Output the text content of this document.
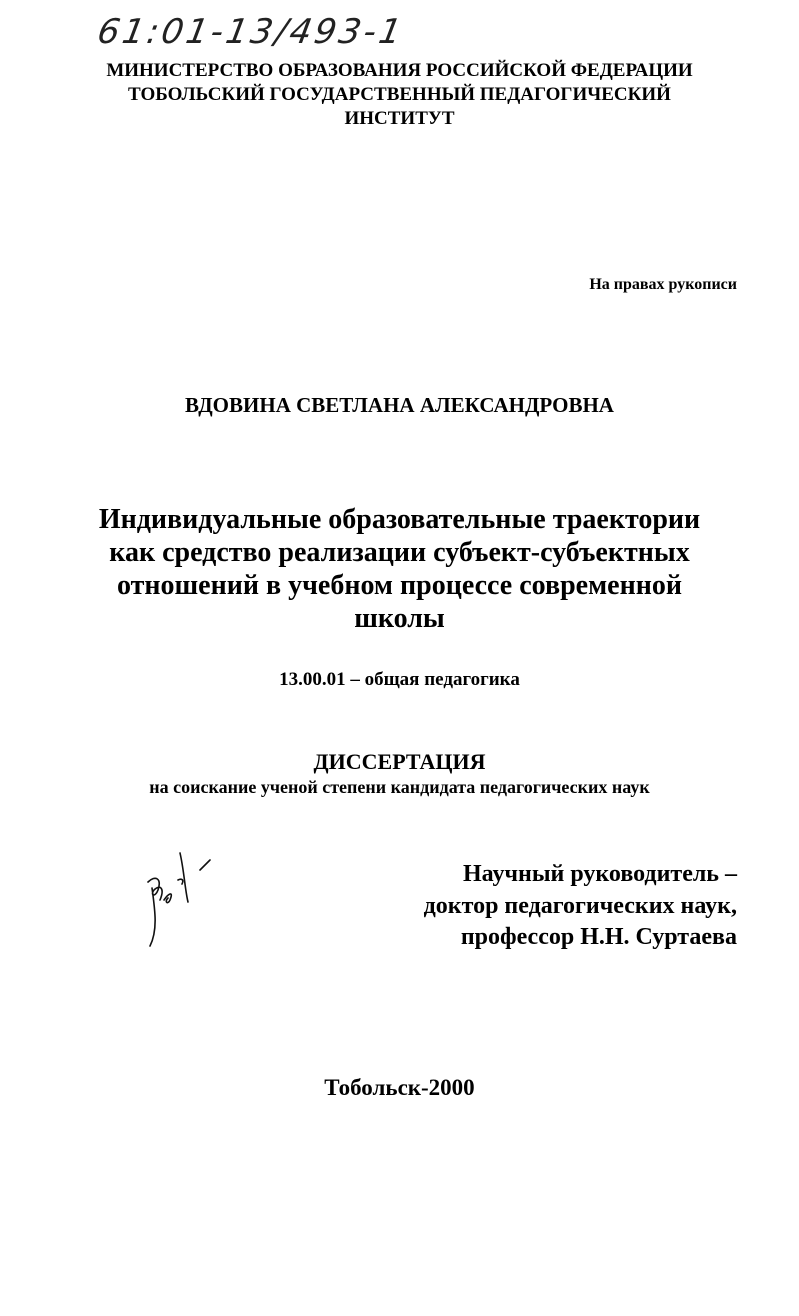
61:01-13/493-1
МИНИСТЕРСТВО ОБРАЗОВАНИЯ РОССИЙСКОЙ ФЕДЕРАЦИИ
ТОБОЛЬСКИЙ ГОСУДАРСТВЕННЫЙ ПЕДАГОГИЧЕСКИЙ
ИНСТИТУТ
На правах рукописи
ВДОВИНА СВЕТЛАНА АЛЕКСАНДРОВНА
Индивидуальные образовательные траектории
как средство реализации субъект-субъектных
отношений в учебном процессе современной
школы
13.00.01 – общая педагогика
ДИССЕРТАЦИЯ
на соискание ученой степени кандидата педагогических наук
Научный руководитель –
доктор педагогических наук,
профессор Н.Н. Суртаева
Тобольск-2000
